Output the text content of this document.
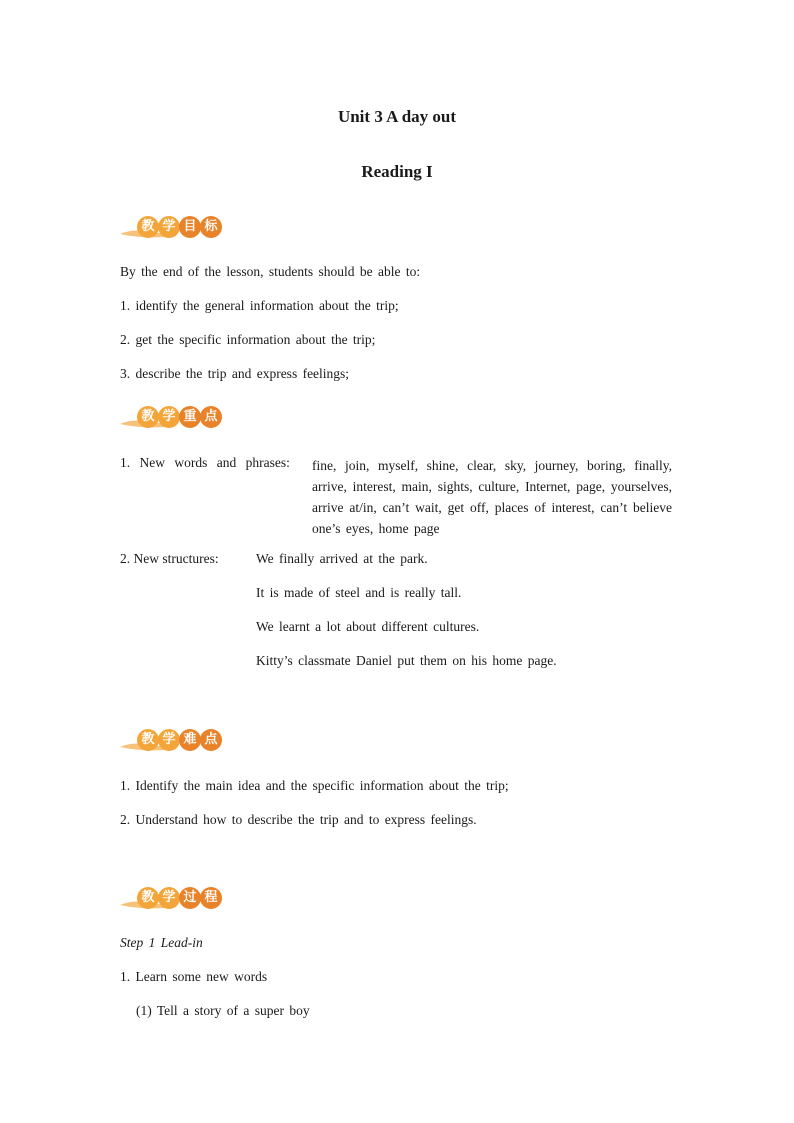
Unit 3 A day out
Reading I
教 学 目 标
By the end of the lesson, students should be able to:
1. identify the general information about the trip;
2. get the specific information about the trip;
3. describe the trip and express feelings;
教 学 重 点
1. New words and phrases: fine, join, myself, shine, clear, sky, journey, boring, finally, arrive, interest, main, sights, culture, Internet, page, yourselves, arrive at/in, can’t wait, get off, places of interest, can’t believe one’s eyes, home page
2. New structures:	We finally arrived at the park.
It is made of steel and is really tall.
We learnt a lot about different cultures.
Kitty’s classmate Daniel put them on his home page.
教 学 难 点
1. Identify the main idea and the specific information about the trip;
2. Understand how to describe the trip and to express feelings.
教 学 过 程
Step 1 Lead-in
1. Learn some new words
(1) Tell a story of a super boy
